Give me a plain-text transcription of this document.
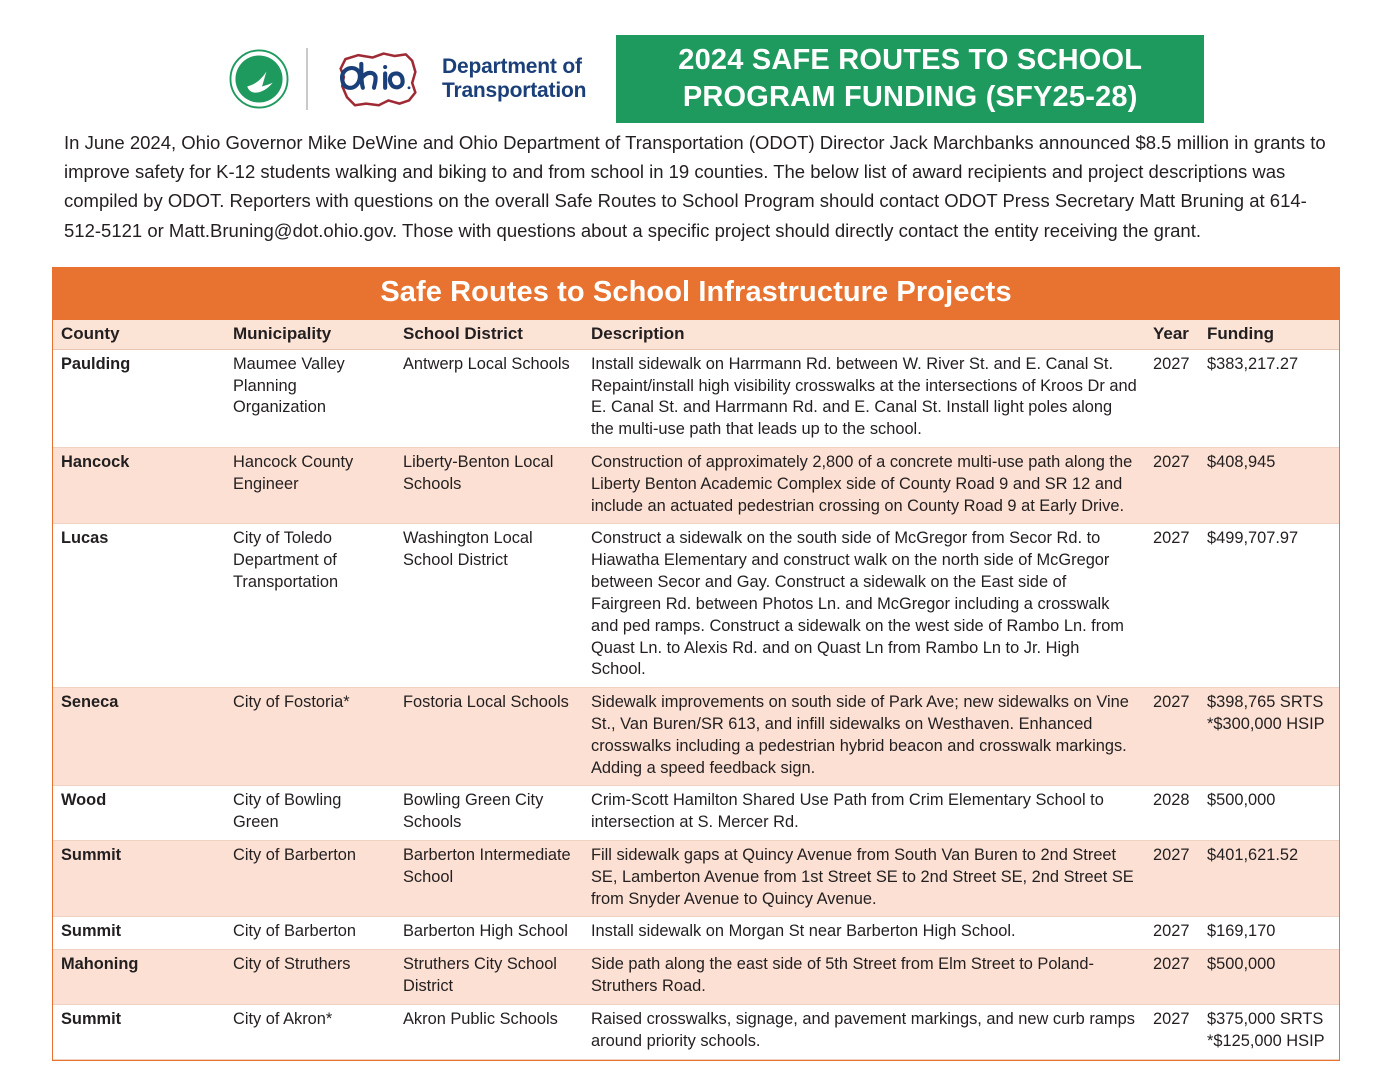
Department of
Transportation
2024 SAFE ROUTES TO SCHOOL
PROGRAM FUNDING (SFY25-28)

In June 2024, Ohio Governor Mike DeWine and Ohio Department of Transportation (ODOT) Director Jack Marchbanks announced $8.5 million in grants to improve safety for K-12 students walking and biking to and from school in 19 counties. The below list of award recipients and project descriptions was compiled by ODOT. Reporters with questions on the overall Safe Routes to School Program should contact ODOT Press Secretary Matt Bruning at 614-512-5121 or Matt.Bruning@dot.ohio.gov. Those with questions about a specific project should directly contact the entity receiving the grant.

Safe Routes to School Infrastructure Projects
County	Municipality	School District	Description	Year	Funding
Paulding	Maumee Valley Planning Organization	Antwerp Local Schools	Install sidewalk on Harrmann Rd. between W. River St. and E. Canal St. Repaint/install high visibility crosswalks at the intersections of Kroos Dr and E. Canal St. and Harrmann Rd. and E. Canal St. Install light poles along the multi-use path that leads up to the school.	2027	$383,217.27
Hancock	Hancock County Engineer	Liberty-Benton Local Schools	Construction of approximately 2,800 of a concrete multi-use path along the Liberty Benton Academic Complex side of County Road 9 and SR 12 and include an actuated pedestrian crossing on County Road 9 at Early Drive.	2027	$408,945
Lucas	City of Toledo Department of Transportation	Washington Local School District	Construct a sidewalk on the south side of McGregor from Secor Rd. to Hiawatha Elementary and construct walk on the north side of McGregor between Secor and Gay. Construct a sidewalk on the East side of Fairgreen Rd. between Photos Ln. and McGregor including a crosswalk and ped ramps. Construct a sidewalk on the west side of Rambo Ln. from Quast Ln. to Alexis Rd. and on Quast Ln from Rambo Ln to Jr. High School.	2027	$499,707.97
Seneca	City of Fostoria*	Fostoria Local Schools	Sidewalk improvements on south side of Park Ave; new sidewalks on Vine St., Van Buren/SR 613, and infill sidewalks on Westhaven. Enhanced crosswalks including a pedestrian hybrid beacon and crosswalk markings. Adding a speed feedback sign.	2027	$398,765 SRTS *$300,000 HSIP
Wood	City of Bowling Green	Bowling Green City Schools	Crim-Scott Hamilton Shared Use Path from Crim Elementary School to intersection at S. Mercer Rd.	2028	$500,000
Summit	City of Barberton	Barberton Intermediate School	Fill sidewalk gaps at Quincy Avenue from South Van Buren to 2nd Street SE, Lamberton Avenue from 1st Street SE to 2nd Street SE, 2nd Street SE from Snyder Avenue to Quincy Avenue.	2027	$401,621.52
Summit	City of Barberton	Barberton High School	Install sidewalk on Morgan St near Barberton High School.	2027	$169,170
Mahoning	City of Struthers	Struthers City School District	Side path along the east side of 5th Street from Elm Street to Poland-Struthers Road.	2027	$500,000
Summit	City of Akron*	Akron Public Schools	Raised crosswalks, signage, and pavement markings, and new curb ramps around priority schools.	2027	$375,000 SRTS *$125,000 HSIP
